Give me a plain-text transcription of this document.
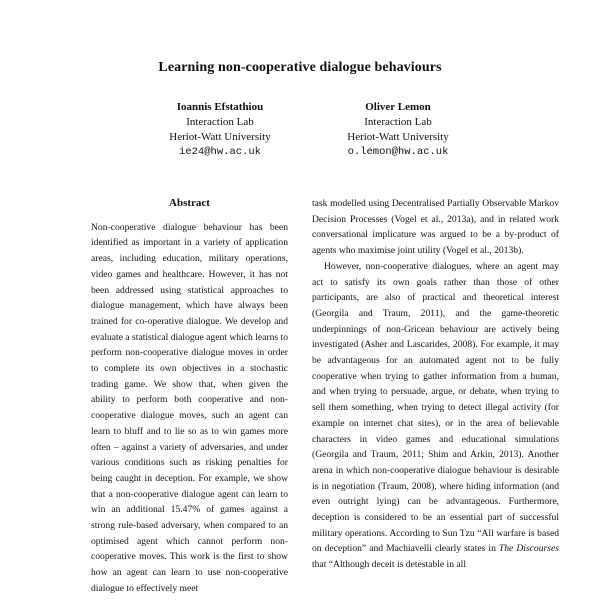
Learning non-cooperative dialogue behaviours
Ioannis Efstathiou
Interaction Lab
Heriot-Watt University
ie24@hw.ac.uk
Oliver Lemon
Interaction Lab
Heriot-Watt University
o.lemon@hw.ac.uk
Abstract

Non-cooperative dialogue behaviour has been identified as important in a variety of application areas, including education, military operations, video games and healthcare. However, it has not been addressed using statistical approaches to dialogue management, which have always been trained for co-operative dialogue. We develop and evaluate a statistical dialogue agent which learns to perform non-cooperative dialogue moves in order to complete its own objectives in a stochastic trading game. We show that, when given the ability to perform both cooperative and non-cooperative dialogue moves, such an agent can learn to bluff and to lie so as to win games more often – against a variety of adversaries, and under various conditions such as risking penalties for being caught in deception. For example, we show that a non-cooperative dialogue agent can learn to win an additional 15.47% of games against a strong rule-based adversary, when compared to an optimised agent which cannot perform non-cooperative moves. This work is the first to show how an agent can learn to use non-cooperative dialogue to effectively meet

task modelled using Decentralised Partially Observable Markov Decision Processes (Vogel et al., 2013a), and in related work conversational implicature was argued to be a by-product of agents who maximise joint utility (Vogel et al., 2013b).

However, non-cooperative dialogues, where an agent may act to satisfy its own goals rather than those of other participants, are also of practical and theoretical interest (Georgila and Traum, 2011), and the game-theoretic underpinnings of non-Gricean behaviour are actively being investigated (Asher and Lascarides, 2008). For example, it may be advantageous for an automated agent not to be fully cooperative when trying to gather information from a human, and when trying to persuade, argue, or debate, when trying to sell them something, when trying to detect illegal activity (for example on internet chat sites), or in the area of believable characters in video games and educational simulations (Georgila and Traum, 2011; Shim and Arkin, 2013). Another arena in which non-cooperative dialogue behaviour is desirable is in negotiation (Traum, 2008), where hiding information (and even outright lying) can be advantageous. Furthermore, deception is considered to be an essential part of successful military operations. According to Sun Tzu “All warfare is based on deception” and Machiavelli clearly states in The Discourses that “Although deceit is detestable in all
